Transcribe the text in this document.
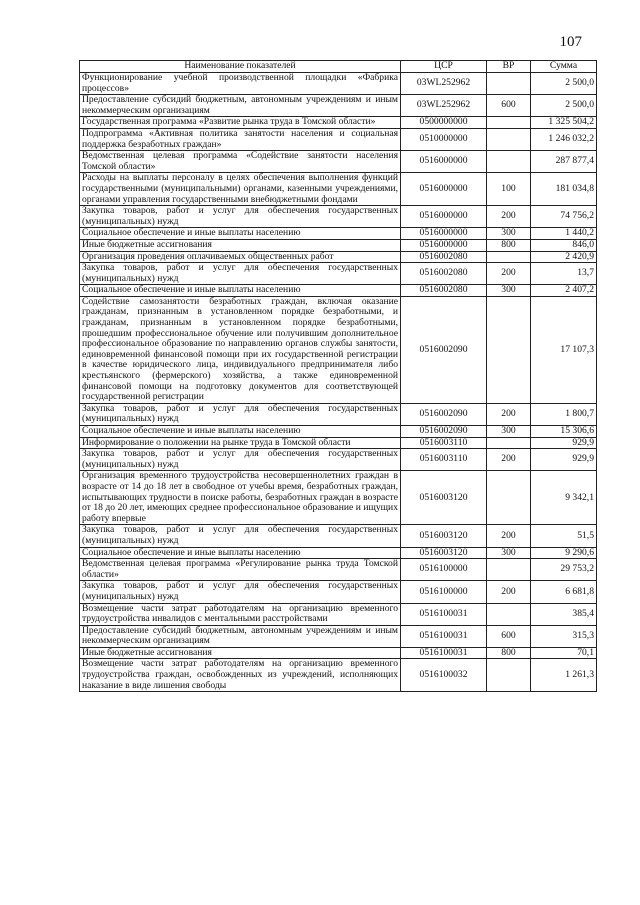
107
Наименование показателей	ЦСР	ВР	Сумма
Функционирование учебной производственной площадки «Фабрика процессов»	03WL252962		2 500,0
Предоставление субсидий бюджетным, автономным учреждениям и иным некоммерческим организациям	03WL252962	600	2 500,0
Государственная программа «Развитие рынка труда в Томской области»	0500000000		1 325 504,2
Подпрограмма «Активная политика занятости населения и социальная поддержка безработных граждан»	0510000000		1 246 032,2
Ведомственная целевая программа «Содействие занятости населения Томской области»	0516000000		287 877,4
Расходы на выплаты персоналу в целях обеспечения выполнения функций государственными (муниципальными) органами, казенными учреждениями, органами управления государственными внебюджетными фондами	0516000000	100	181 034,8
Закупка товаров, работ и услуг для обеспечения государственных (муниципальных) нужд	0516000000	200	74 756,2
Социальное обеспечение и иные выплаты населению	0516000000	300	1 440,2
Иные бюджетные ассигнования	0516000000	800	846,0
Организация проведения оплачиваемых общественных работ	0516002080		2 420,9
Закупка товаров, работ и услуг для обеспечения государственных (муниципальных) нужд	0516002080	200	13,7
Социальное обеспечение и иные выплаты населению	0516002080	300	2 407,2
Содействие самозанятости безработных граждан, включая оказание гражданам, признанным в установленном порядке безработными, и гражданам, признанным в установленном порядке безработными, прошедшим профессиональное обучение или получившим дополнительное профессиональное образование по направлению органов службы занятости, единовременной финансовой помощи при их государственной регистрации в качестве юридического лица, индивидуального предпринимателя либо крестьянского (фермерского) хозяйства, а также единовременной финансовой помощи на подготовку документов для соответствующей государственной регистрации	0516002090		17 107,3
Закупка товаров, работ и услуг для обеспечения государственных (муниципальных) нужд	0516002090	200	1 800,7
Социальное обеспечение и иные выплаты населению	0516002090	300	15 306,6
Информирование о положении на рынке труда в Томской области	0516003110		929,9
Закупка товаров, работ и услуг для обеспечения государственных (муниципальных) нужд	0516003110	200	929,9
Организация временного трудоустройства несовершеннолетних граждан в возрасте от 14 до 18 лет в свободное от учебы время, безработных граждан, испытывающих трудности в поиске работы, безработных граждан в возрасте от 18 до 20 лет, имеющих среднее профессиональное образование и ищущих работу впервые	0516003120		9 342,1
Закупка товаров, работ и услуг для обеспечения государственных (муниципальных) нужд	0516003120	200	51,5
Социальное обеспечение и иные выплаты населению	0516003120	300	9 290,6
Ведомственная целевая программа «Регулирование рынка труда Томской области»	0516100000		29 753,2
Закупка товаров, работ и услуг для обеспечения государственных (муниципальных) нужд	0516100000	200	6 681,8
Возмещение части затрат работодателям на организацию временного трудоустройства инвалидов с ментальными расстройствами	0516100031		385,4
Предоставление субсидий бюджетным, автономным учреждениям и иным некоммерческим организациям	0516100031	600	315,3
Иные бюджетные ассигнования	0516100031	800	70,1
Возмещение части затрат работодателям на организацию временного трудоустройства граждан, освобожденных из учреждений, исполняющих наказание в виде лишения свободы	0516100032		1 261,3
